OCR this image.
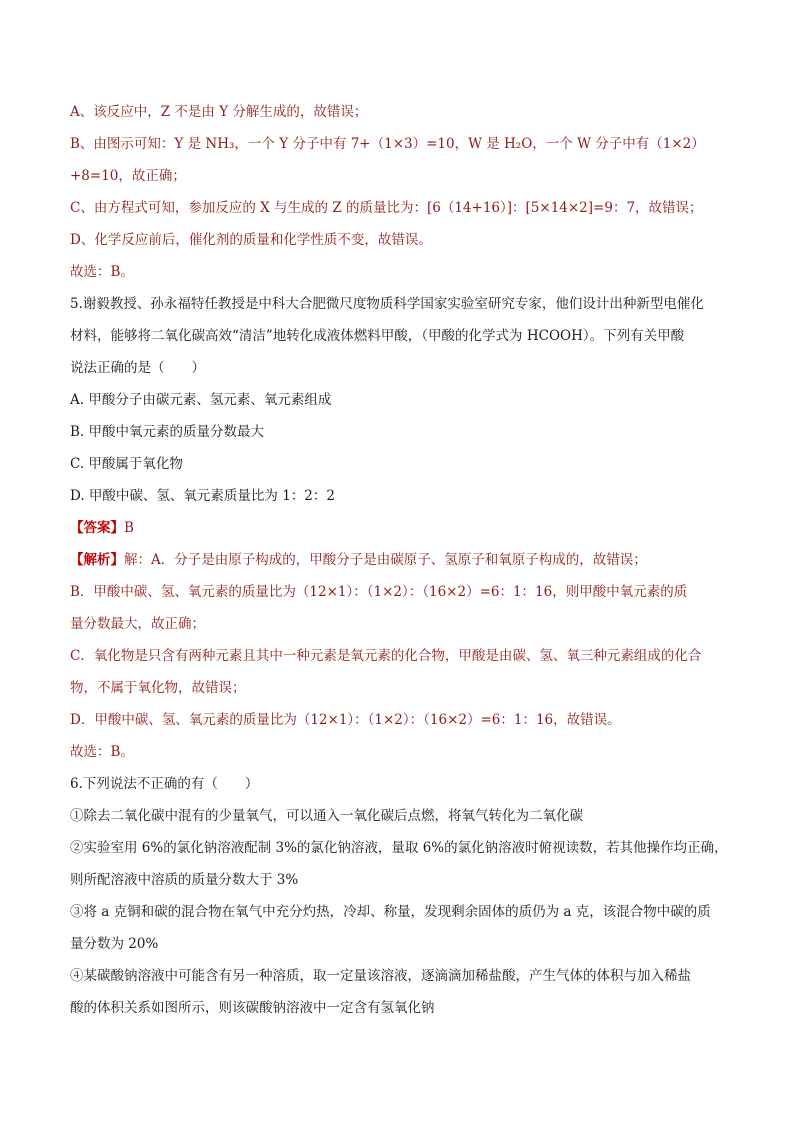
A、该反应中，Z 不是由 Y 分解生成的，故错误；
B、由图示可知：Y 是 NH₃，一个 Y 分子中有 7+（1×3）=10，W 是 H₂O，一个 W 分子中有（1×2）
+8=10，故正确；
C、由方程式可知，参加反应的 X 与生成的 Z 的质量比为：[6（14+16）]：[5×14×2]=9：7，故错误；
D、化学反应前后，催化剂的质量和化学性质不变，故错误。
故选：B。
5.谢毅教授、孙永福特任教授是中科大合肥微尺度物质科学国家实验室研究专家，他们设计出种新型电催化
材料，能够将二氧化碳高效“清洁”地转化成液体燃料甲酸，（甲酸的化学式为 HCOOH）。下列有关甲酸
说法正确的是（　　）
A. 甲酸分子由碳元素、氢元素、氧元素组成
B. 甲酸中氧元素的质量分数最大
C. 甲酸属于氧化物
D. 甲酸中碳、氢、氧元素质量比为 1：2：2
【答案】B
【解析】解：A．分子是由原子构成的，甲酸分子是由碳原子、氢原子和氧原子构成的，故错误；
B．甲酸中碳、氢、氧元素的质量比为（12×1）：（1×2）：（16×2）=6：1：16，则甲酸中氧元素的质
量分数最大，故正确；
C．氧化物是只含有两种元素且其中一种元素是氧元素的化合物，甲酸是由碳、氢、氧三种元素组成的化合
物，不属于氧化物，故错误；
D．甲酸中碳、氢、氧元素的质量比为（12×1）：（1×2）：（16×2）=6：1：16，故错误。
故选：B。
6.下列说法不正确的有（　　）
①除去二氧化碳中混有的少量氧气，可以通入一氧化碳后点燃，将氧气转化为二氧化碳
②实验室用 6%的氯化钠溶液配制 3%的氯化钠溶液，量取 6%的氯化钠溶液时俯视读数，若其他操作均正确，
则所配溶液中溶质的质量分数大于 3%
③将 a 克铜和碳的混合物在氧气中充分灼热，冷却、称量，发现剩余固体的质仍为 a 克，该混合物中碳的质
量分数为 20%
④某碳酸钠溶液中可能含有另一种溶质，取一定量该溶液，逐滴滴加稀盐酸，产生气体的体积与加入稀盐
酸的体积关系如图所示，则该碳酸钠溶液中一定含有氢氧化钠
